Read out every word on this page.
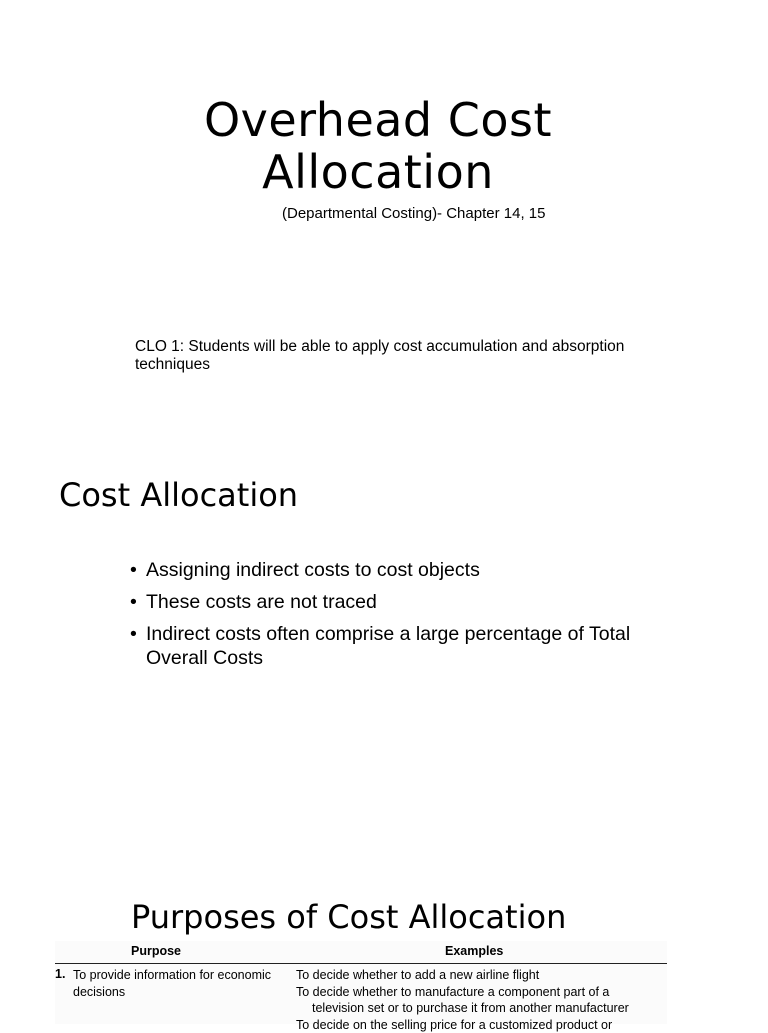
Overhead Cost
Allocation
(Departmental Costing)- Chapter 14, 15
CLO 1: Students will be able to apply cost accumulation and absorption techniques
Cost Allocation
• Assigning indirect costs to cost objects
• These costs are not traced
• Indirect costs often comprise a large percentage of Total Overall Costs
Purposes of Cost Allocation
Purpose	Examples
1. To provide information for economic decisions
To decide whether to add a new airline flight
To decide whether to manufacture a component part of a
television set or to purchase it from another manufacturer
To decide on the selling price for a customized product or
